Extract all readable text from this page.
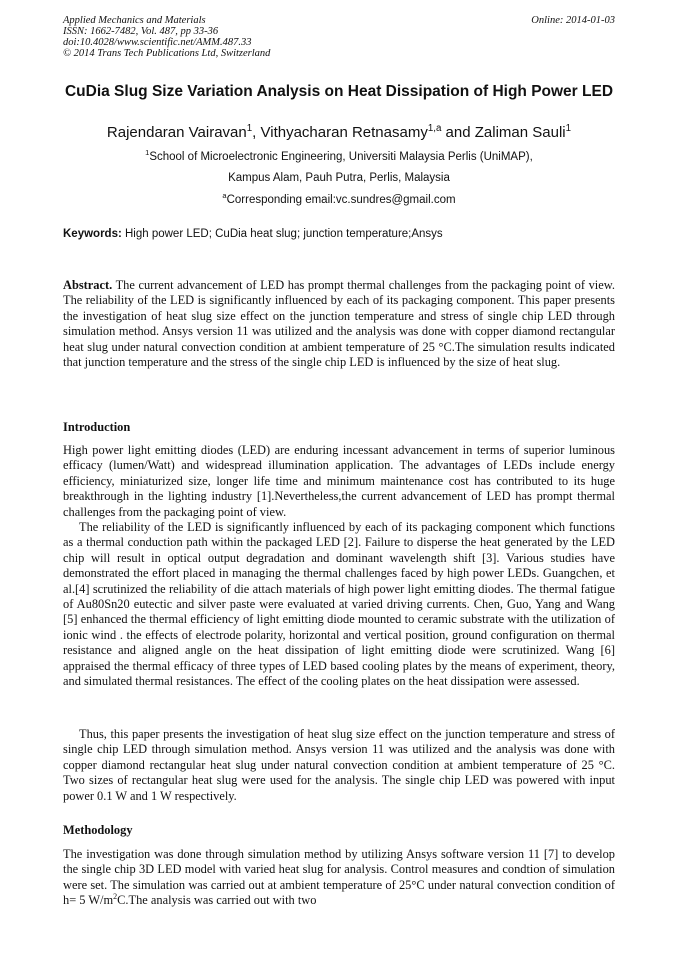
Applied Mechanics and Materials
ISSN: 1662-7482, Vol. 487, pp 33-36
doi:10.4028/www.scientific.net/AMM.487.33
© 2014 Trans Tech Publications Ltd, Switzerland
Online: 2014-01-03
CuDia Slug Size Variation Analysis on Heat Dissipation of High Power LED
Rajendaran Vairavan$^1$, Vithyacharan Retnasamy$^{1,a}$ and Zaliman Sauli$^1$
$^1$School of Microelectronic Engineering, Universiti Malaysia Perlis (UniMAP),
Kampus Alam, Pauh Putra, Perlis, Malaysia
$^a$Corresponding email:vc.sundres@gmail.com
Keywords: High power LED; CuDia heat slug; junction temperature;Ansys
Abstract. The current advancement of LED has prompt thermal challenges from the packaging point of view. The reliability of the LED is significantly influenced by each of its packaging component. This paper presents the investigation of heat slug size effect on the junction temperature and stress of single chip LED through simulation method. Ansys version 11 was utilized and the analysis was done with copper diamond rectangular heat slug under natural convection condition at ambient temperature of 25 °C.The simulation results indicated that junction temperature and the stress of the single chip LED is influenced by the size of heat slug.
Introduction
High power light emitting diodes (LED) are enduring incessant advancement in terms of superior luminous efficacy (lumen/Watt) and widespread illumination application. The advantages of LEDs include energy efficiency, miniaturized size, longer life time and minimum maintenance cost has contributed to its huge breakthrough in the lighting industry [1].Nevertheless,the current advancement of LED has prompt thermal challenges from the packaging point of view.
The reliability of the LED is significantly influenced by each of its packaging component which functions as a thermal conduction path within the packaged LED [2]. Failure to disperse the heat generated by the LED chip will result in optical output degradation and dominant wavelength shift [3]. Various studies have demonstrated the effort placed in managing the thermal challenges faced by high power LEDs. Guangchen, et al.[4] scrutinized the reliability of die attach materials of high power light emitting diodes. The thermal fatigue of Au80Sn20 eutectic and silver paste were evaluated at varied driving currents. Chen, Guo, Yang and Wang [5] enhanced the thermal efficiency of light emitting diode mounted to ceramic substrate with the utilization of ionic wind . the effects of electrode polarity, horizontal and vertical position, ground configuration on thermal resistance and aligned angle on the heat dissipation of light emitting diode were scrutinized. Wang [6] appraised the thermal efficacy of three types of LED based cooling plates by the means of experiment, theory, and simulated thermal resistances. The effect of the cooling plates on the heat dissipation were assessed.
Thus, this paper presents the investigation of heat slug size effect on the junction temperature and stress of single chip LED through simulation method. Ansys version 11 was utilized and the analysis was done with copper diamond rectangular heat slug under natural convection condition at ambient temperature of 25 °C. Two sizes of rectangular heat slug were used for the analysis. The single chip LED was powered with input power 0.1 W and 1 W respectively.
Methodology
The investigation was done through simulation method by utilizing Ansys software version 11 [7] to develop the single chip 3D LED model with varied heat slug for analysis. Control measures and condtion of simulation were set. The simulation was carried out at ambient temperature of 25°C under natural convection condition of h= 5 $W/m^2C.The$ analysis was carried out with two
